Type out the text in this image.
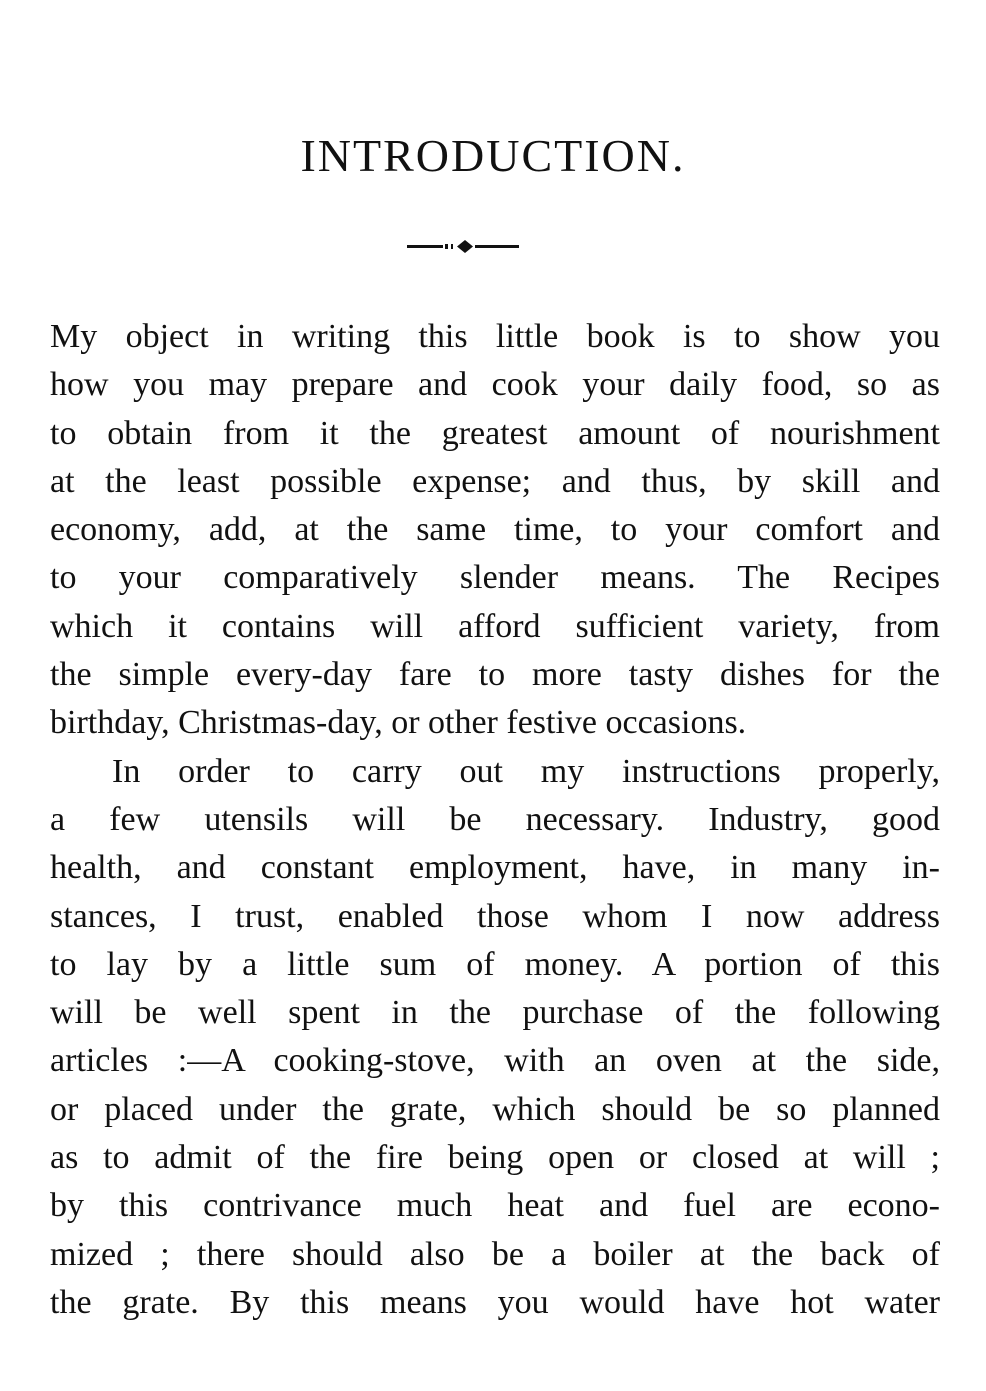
INTRODUCTION.
My object in writing this little book is to show you
how you may prepare and cook your daily food, so as
to obtain from it the greatest amount of nourishment
at the least possible expense; and thus, by skill and
economy, add, at the same time, to your comfort and
to your comparatively slender means. The Recipes
which it contains will afford sufficient variety, from
the simple every-day fare to more tasty dishes for the
birthday, Christmas-day, or other festive occasions.
In order to carry out my instructions properly,
a few utensils will be necessary. Industry, good
health, and constant employment, have, in many in-
stances, I trust, enabled those whom I now address
to lay by a little sum of money. A portion of this
will be well spent in the purchase of the following
articles :—A cooking-stove, with an oven at the side,
or placed under the grate, which should be so planned
as to admit of the fire being open or closed at will ;
by this contrivance much heat and fuel are econo-
mized ; there should also be a boiler at the back of
the grate. By this means you would have hot water
